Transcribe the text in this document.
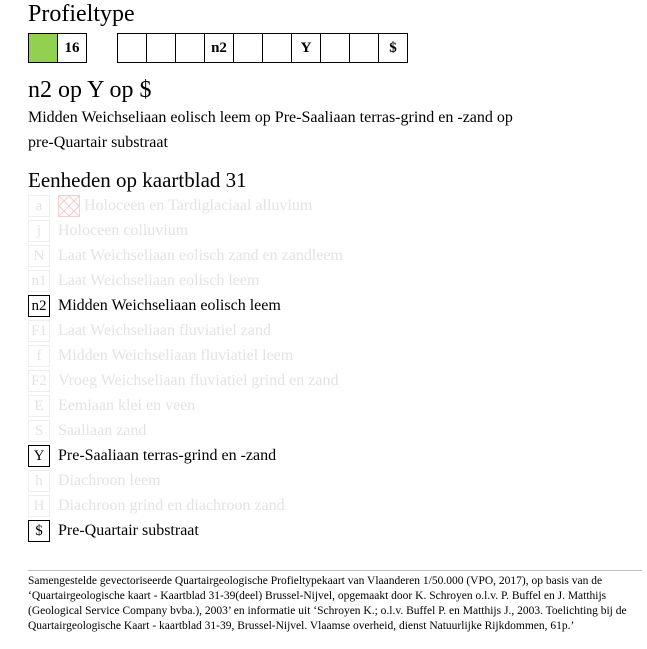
Profieltype
16	n2	Y	$
n2 op Y op $
Midden Weichseliaan eolisch leem op Pre-Saaliaan terras-grind en -zand op
pre-Quartair substraat
Eenheden op kaartblad 31
a	Holoceen en Tardiglaciaal alluvium
j	Holoceen colluvium
N Laat Weichseliaan eolisch zand en zandleem
n1 Laat Weichseliaan eolisch leem
n2 Midden Weichseliaan eolisch leem
F1 Laat Weichseliaan fluviatiel zand
f	Midden Weichseliaan fluviatiel leem
F2 Vroeg Weichseliaan fluviatiel grind en zand
E Eemiaan klei en veen
S Saaliaan zand
Y Pre-Saaliaan terras-grind en -zand
h Diachroon leem
H Diachroon grind en diachroon zand
$ Pre-Quartair substraat
Samengestelde gevectoriseerde Quartairgeologische Profieltypekaart van Vlaanderen 1/50.000 (VPO, 2017), op basis van de ‘Quartairgeologische kaart - Kaartblad 31-39(deel) Brussel-Nijvel, opgemaakt door K. Schroyen o.l.v. P. Buffel en J. Matthijs (Geological Service Company bvba.), 2003’ en informatie uit ‘Schroyen K.; o.l.v. Buffel P. en Matthijs J., 2003. Toelichting bij de Quartairgeologische Kaart - kaartblad 31-39, Brussel-Nijvel. Vlaamse overheid, dienst Natuurlijke Rijkdommen, 61p.’
